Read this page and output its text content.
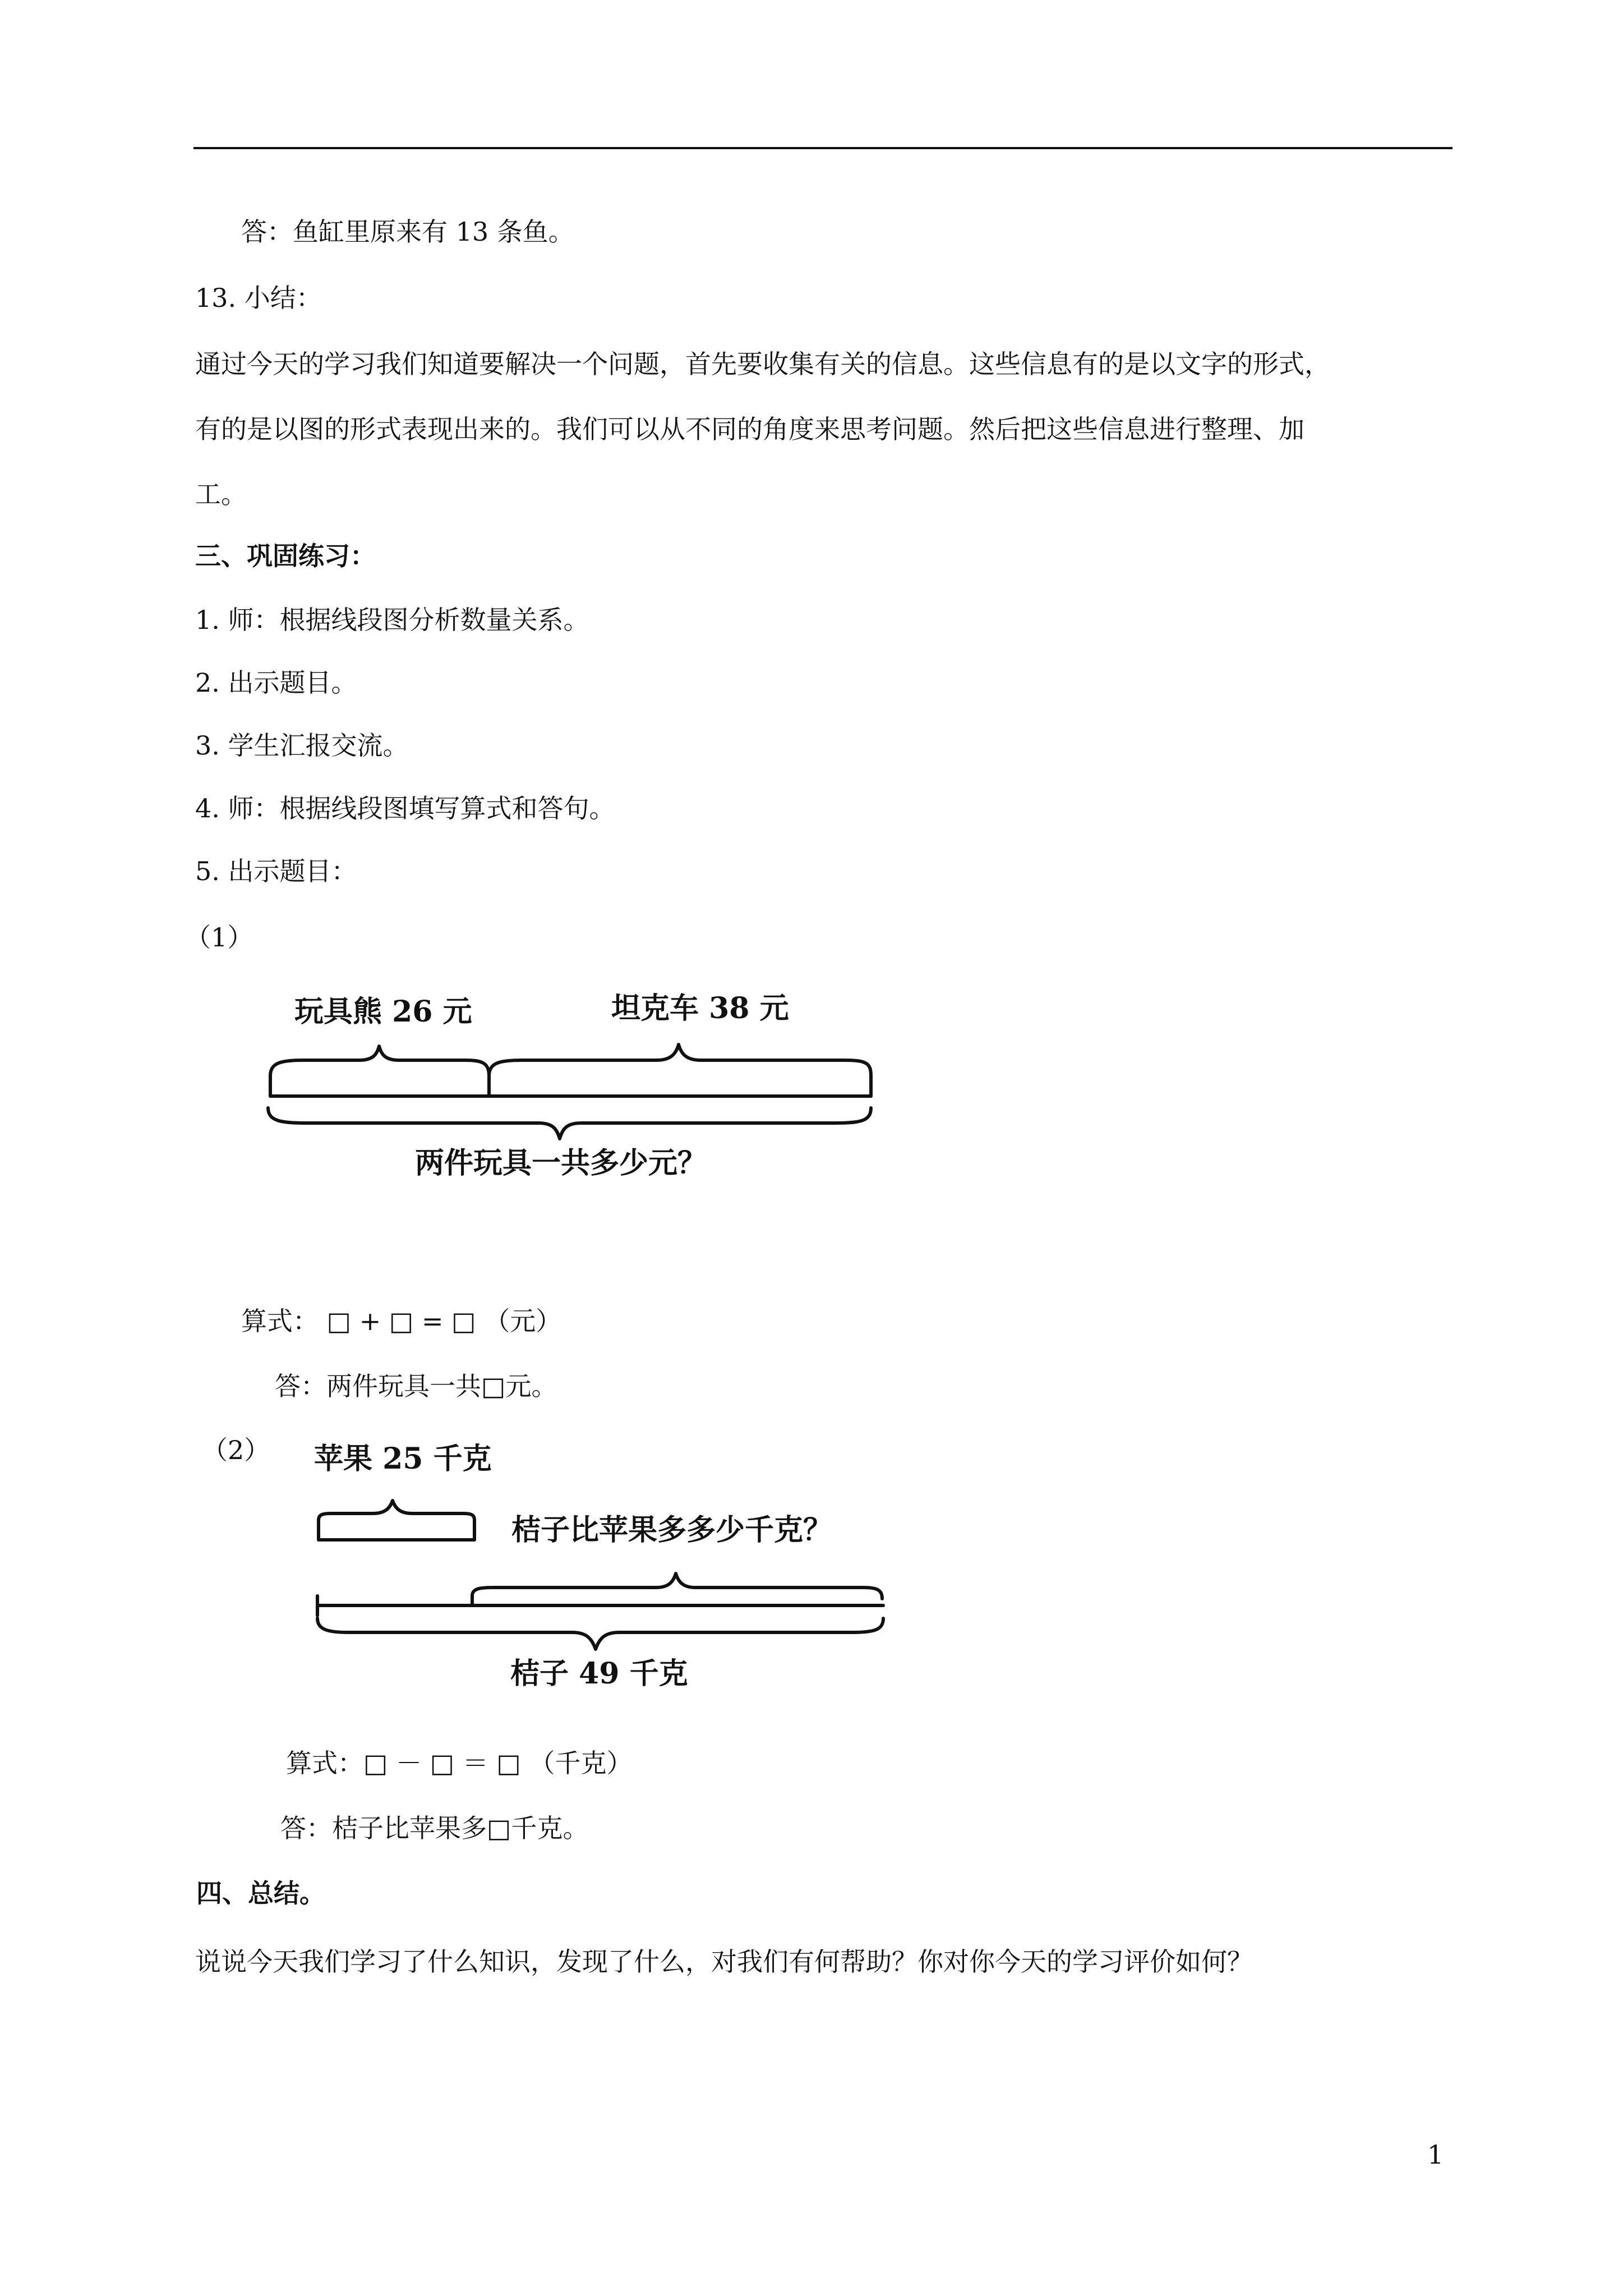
答：鱼缸里原来有 13 条鱼。
13. 小结：
通过今天的学习我们知道要解决一个问题，首先要收集有关的信息。这些信息有的是以文字的形式，
有的是以图的形式表现出来的。我们可以从不同的角度来思考问题。然后把这些信息进行整理、加
工。
三、巩固练习：
1. 师：根据线段图分析数量关系。
2. 出示题目。
3. 学生汇报交流。
4. 师：根据线段图填写算式和答句。
5. 出示题目：
（1）
玩具熊 26 元	坦克车 38 元
两件玩具一共多少元？
算式： □ + □ = □ （元）
答：两件玩具一共□元。
（2） 苹果 25 千克
桔子比苹果多多少千克？
桔子 49 千克
算式：□ － □ ＝ □ （千克）
答：桔子比苹果多□千克。
四、总结。
说说今天我们学习了什么知识，发现了什么，对我们有何帮助？你对你今天的学习评价如何？
1
